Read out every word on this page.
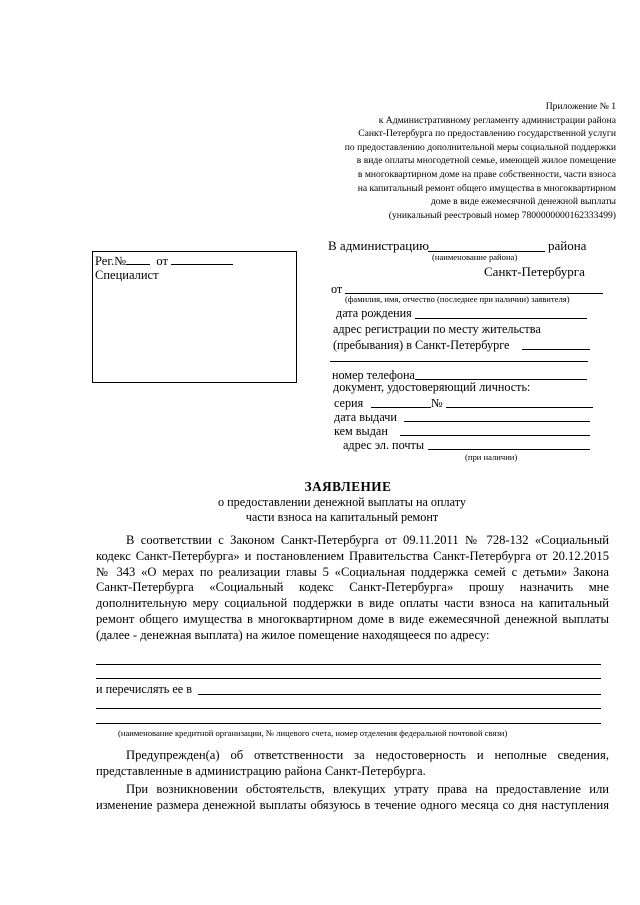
Приложение № 1
к Административному регламенту администрации района
Санкт-Петербурга по предоставлению государственной услуги
по предоставлению дополнительной меры социальной поддержки
в виде оплаты многодетной семье, имеющей жилое помещение
в многоквартирном доме на праве собственности, части взноса
на капитальный ремонт общего имущества в многоквартирном
доме в виде ежемесячной денежной выплаты
(уникальный реестровый номер 7800000000162333499)
Рег.№ от
Специалист
В администрацию	района
(наименование района)
Санкт-Петербурга
от
(фамилия, имя, отчество (последнее при наличии) заявителя)
дата рождения
адрес регистрации по месту жительства
(пребывания) в Санкт-Петербурге
номер телефона
документ, удостоверяющий личность:
серия	№
дата выдачи
кем выдан
адрес эл. почты
(при наличии)
ЗАЯВЛЕНИЕ
о предоставлении денежной выплаты на оплату
части взноса на капитальный ремонт
В соответствии с Законом Санкт-Петербурга от 09.11.2011 № 728-132 «Социальный
кодекс Санкт-Петербурга» и постановлением Правительства Санкт-Петербурга от 20.12.2015
№ 343 «О мерах по реализации главы 5 «Социальная поддержка семей с детьми» Закона
Санкт-Петербурга «Социальный кодекс Санкт-Петербурга» прошу назначить мне
дополнительную меру социальной поддержки в виде оплаты части взноса на капитальный
ремонт общего имущества в многоквартирном доме в виде ежемесячной денежной выплаты
(далее - денежная выплата) на жилое помещение находящееся по адресу:
и перечислять ее в
(наименование кредитной организации, № лицевого счета, номер отделения федеральной почтовой связи)
Предупрежден(а) об ответственности за недостоверность и неполные сведения,
представленные в администрацию района Санкт-Петербурга.
При возникновении обстоятельств, влекущих утрату права на предоставление или
изменение размера денежной выплаты обязуюсь в течение одного месяца со дня наступления
